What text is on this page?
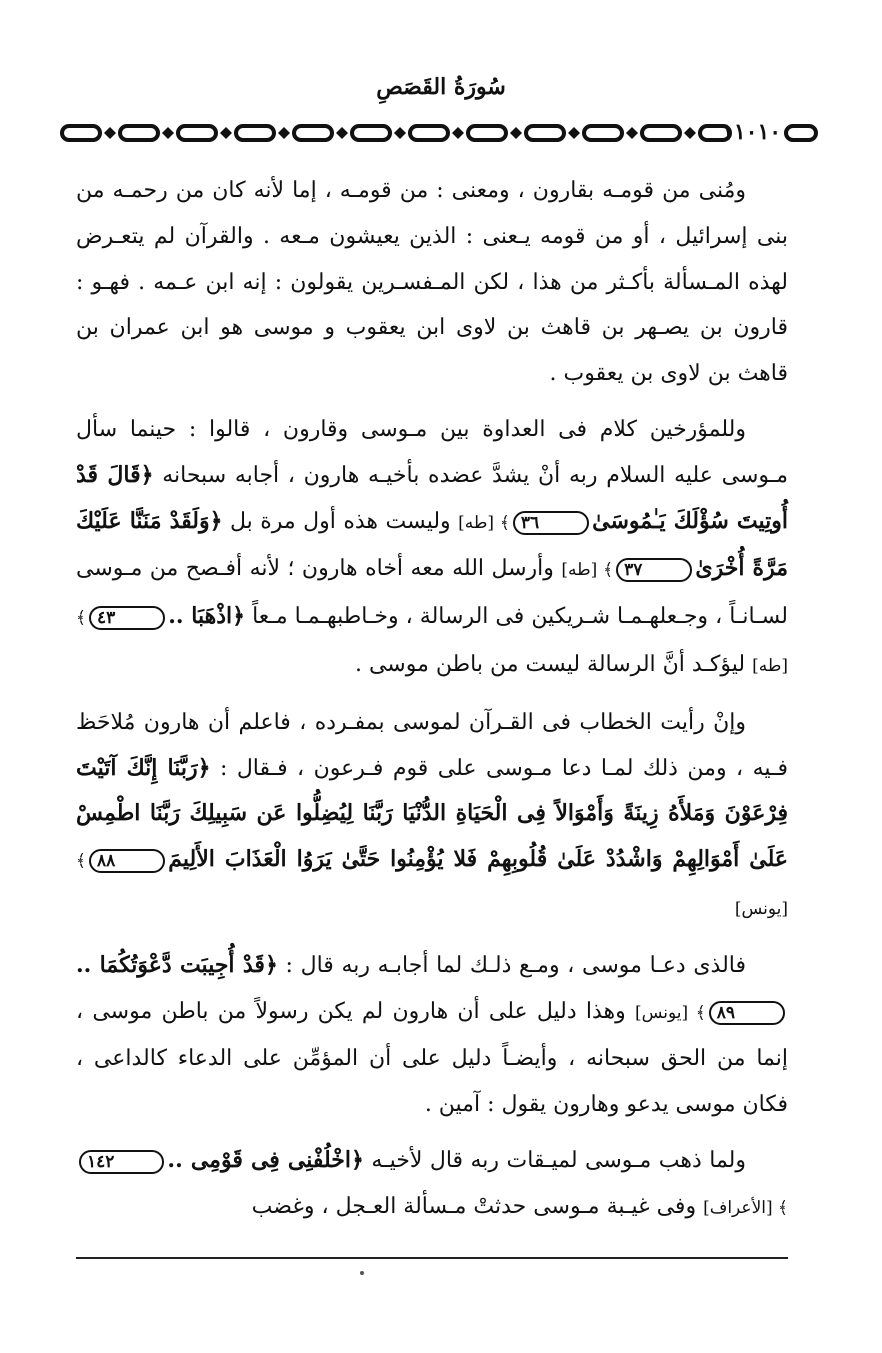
سُورَةُ القَصَصِ
١١٠١٠

ومُنى من قومـه بقارون ، ومعنى : من قومـه ، إما لأنه كان من رحمـه من بنى إسرائيل ، أو من قومه يـعنى : الذين يعيشون مـعه . والقرآن لم يتعـرض لهذه المـسألة بأكـثر من هذا ، لكن المـفسـرين يقولون : إنه ابن عـمه . فهـو : قارون بن يصـهر بن قاهث بن لاوى ابن يعقوب و موسى هو ابن عمران بن قاهث بن لاوى بن يعقوب .

وللمؤرخين كلام فى العداوة بين مـوسى وقارون ، قالوا : حينما سأل مـوسى عليه السلام ربه أنْ يشدَّ عضده بأخيـه هارون ، أجابه سبحانه ﴿قَالَ قَدْ أُوتِيتَ سُؤْلَكَ يَـٰمُوسَىٰ٣٦﴾ [طه] وليست هذه أول مرة بل ﴿وَلَقَدْ مَنَنَّا عَلَيْكَ مَرَّةً أُخْرَىٰ٣٧﴾ [طه] وأرسل الله معه أخاه هارون ؛ لأنه أفـصح من مـوسى لسـانـاً ، وجـعلهـمـا شـريكين فى الرسالة ، وخـاطبهـمـا مـعاً ﴿اذْهَبَا ..٤٣﴾ [طه] ليؤكـد أنَّ الرسالة ليست من باطن موسى .

وإنْ رأيت الخطاب فى القـرآن لموسى بمفـرده ، فاعلم أن هارون مُلاحَظ فـيه ، ومن ذلك لمـا دعا مـوسى على قوم فـرعون ، فـقال : ﴿رَبَّنَا إِنَّكَ آتَيْتَ فِرْعَوْنَ وَمَلأَهُ زِينَةً وَأَمْوَالاً فِى الْحَيَاةِ الدُّنْيَا رَبَّنَا لِيُضِلُّوا عَن سَبِيلِكَ رَبَّنَا اطْمِسْ عَلَىٰ أَمْوَالِهِمْ وَاشْدُدْ عَلَىٰ قُلُوبِهِمْ فَلا يُؤْمِنُوا حَتَّىٰ يَرَوُا الْعَذَابَ الأَلِيمَ٨٨﴾ [يونس]

فالذى دعـا موسى ، ومـع ذلـك لما أجابـه ربه قال : ﴿قَدْ أُجِيبَت دَّعْوَتُكُمَا ..٨٩﴾ [يونس] وهذا دليل على أن هارون لم يكن رسولاً من باطن موسى ، إنما من الحق سبحانه ، وأيضـاً دليل على أن المؤمِّن على الدعاء كالداعى ، فكان موسى يدعو وهارون يقول : آمين .

ولما ذهب مـوسى لميـقات ربه قال لأخيـه ﴿اخْلُفْنِى فِى قَوْمِى ..١٤٢﴾ [الأعراف] وفى غيـبة مـوسى حدثتْ مـسألة العـجل ، وغضب
